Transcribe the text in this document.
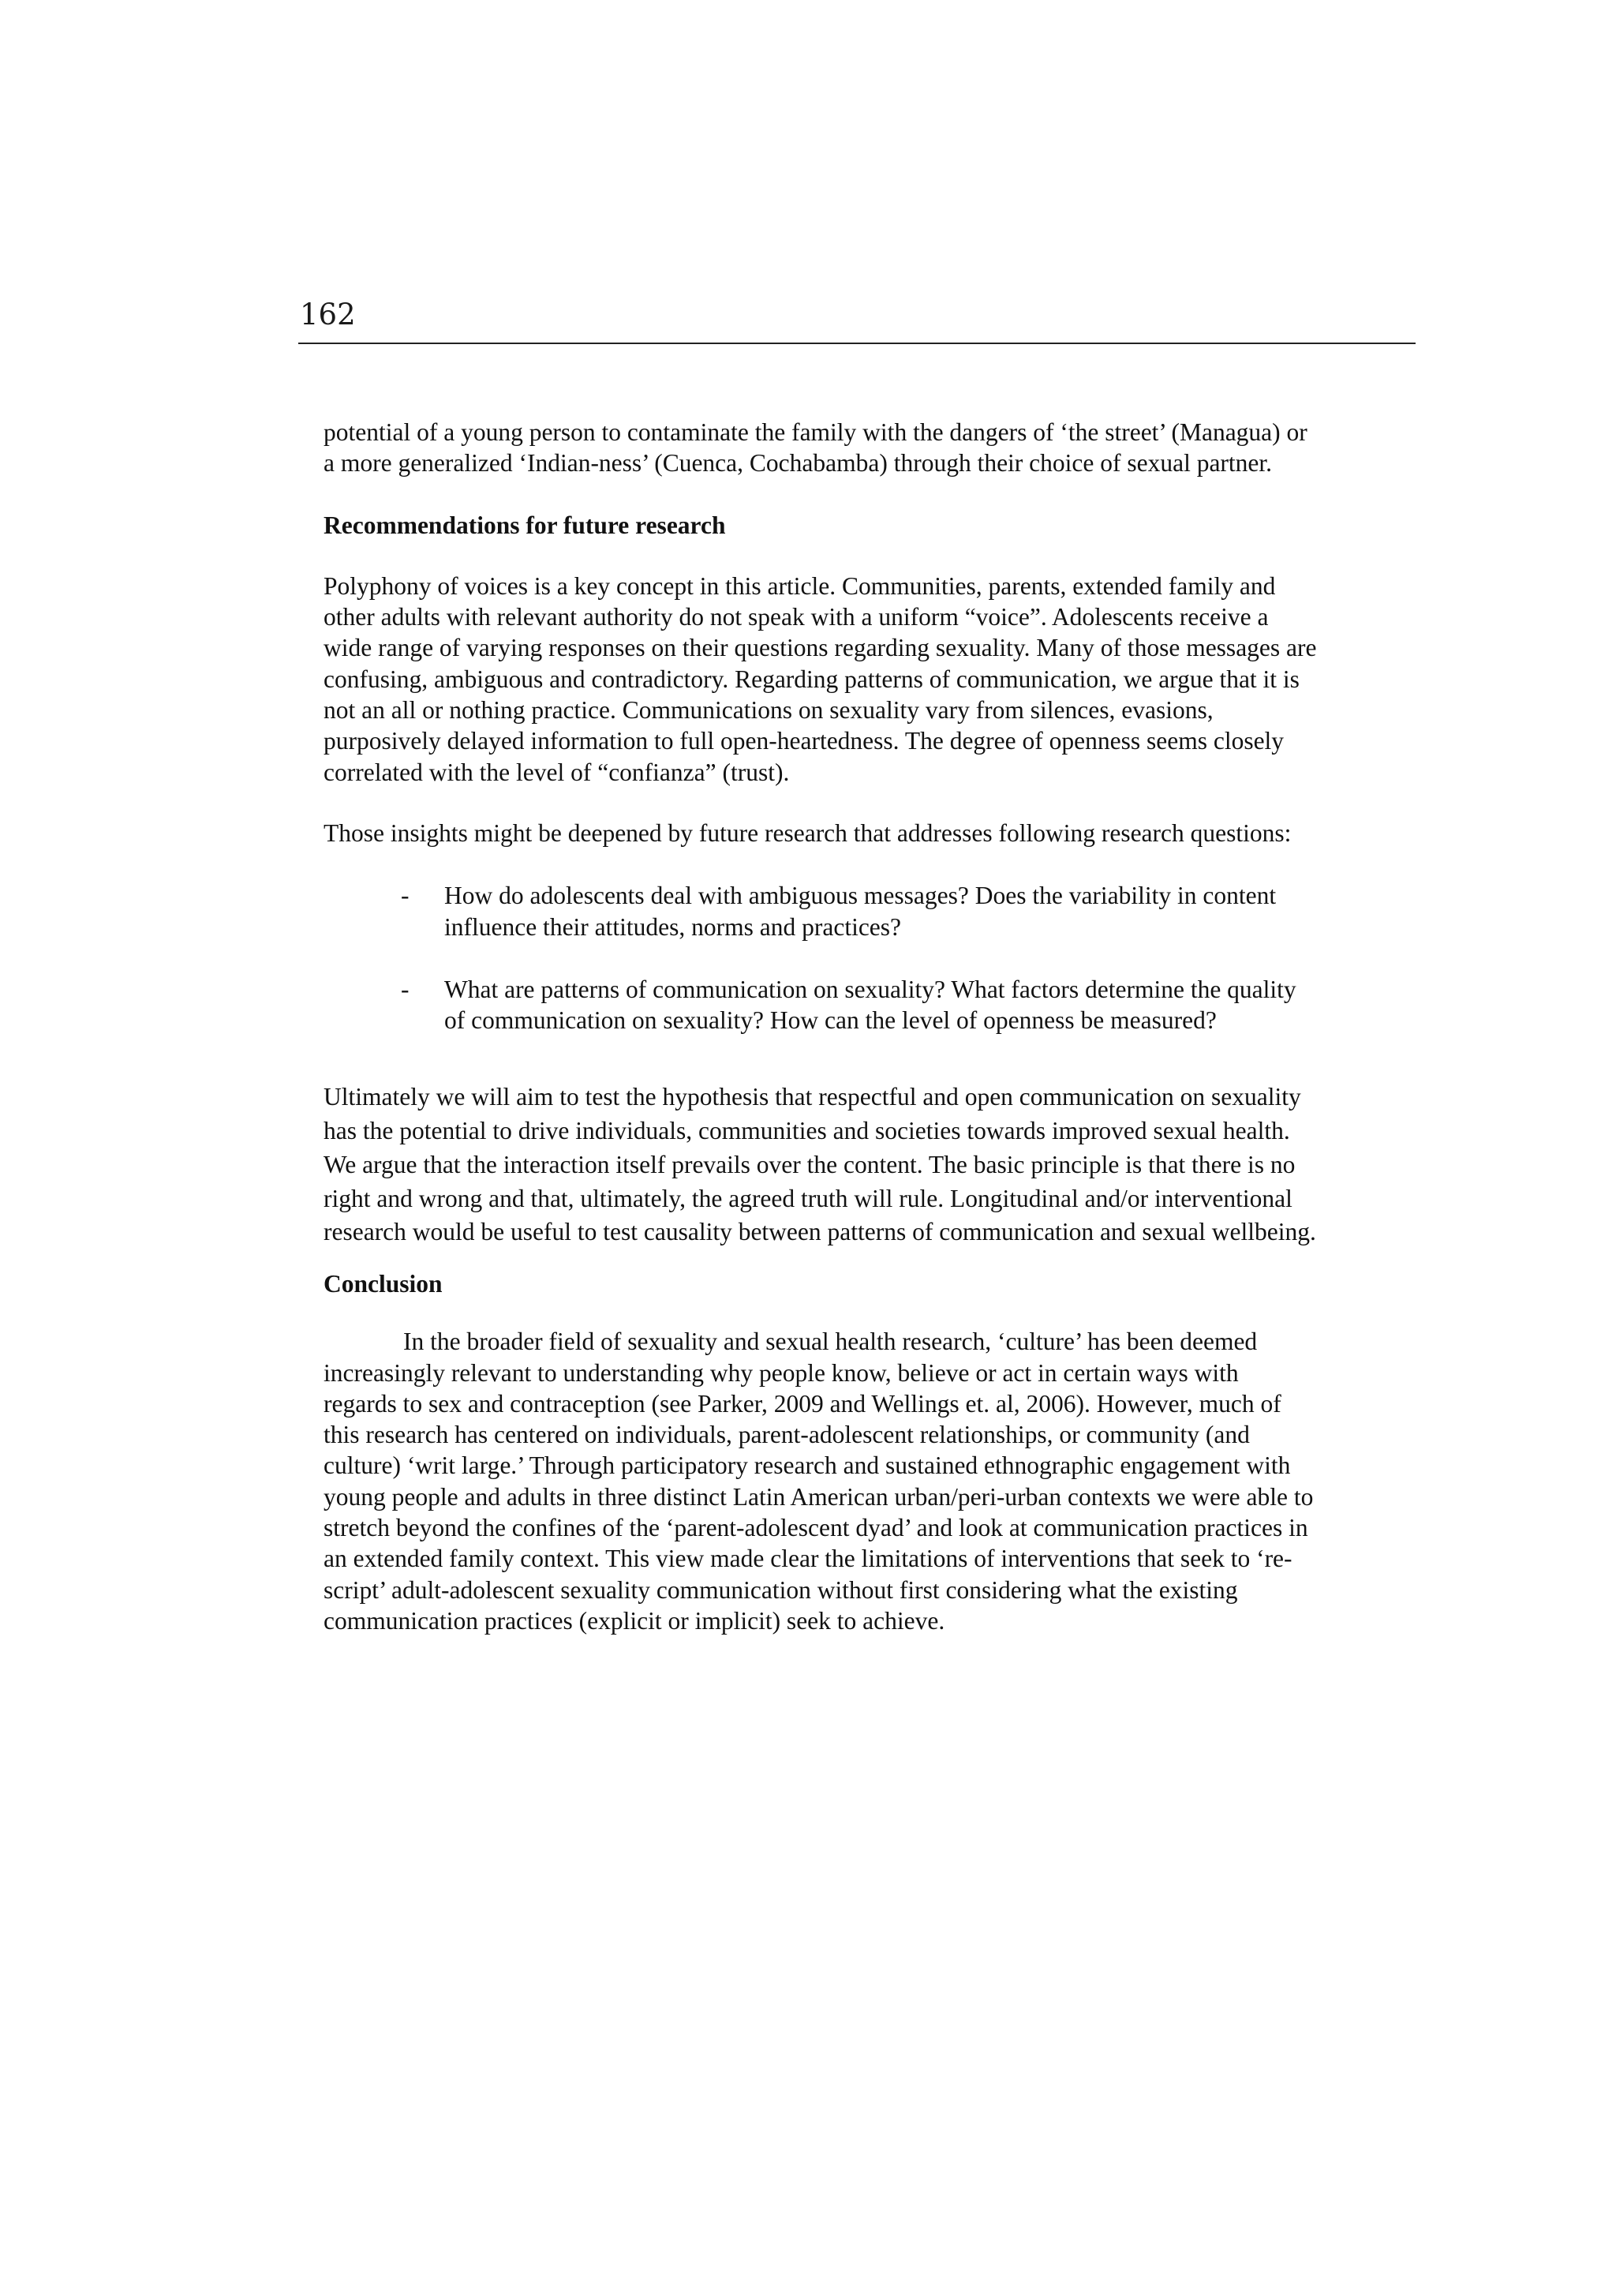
162

potential of a young person to contaminate the family with the dangers of ‘the street’ (Managua) or a more generalized ‘Indian-ness’ (Cuenca, Cochabamba) through their choice of sexual partner.

Recommendations for future research

Polyphony of voices is a key concept in this article. Communities, parents, extended family and other adults with relevant authority do not speak with a uniform “voice”. Adolescents receive a wide range of varying responses on their questions regarding sexuality. Many of those messages are confusing, ambiguous and contradictory. Regarding patterns of communication, we argue that it is not an all or nothing practice. Communications on sexuality vary from silences, evasions, purposively delayed information to full open-heartedness. The degree of openness seems closely correlated with the level of “confianza” (trust).

Those insights might be deepened by future research that addresses following research questions:

- How do adolescents deal with ambiguous messages? Does the variability in content influence their attitudes, norms and practices?
- What are patterns of communication on sexuality? What factors determine the quality of communication on sexuality? How can the level of openness be measured?

Ultimately we will aim to test the hypothesis that respectful and open communication on sexuality has the potential to drive individuals, communities and societies towards improved sexual health. We argue that the interaction itself prevails over the content. The basic principle is that there is no right and wrong and that, ultimately, the agreed truth will rule. Longitudinal and/or interventional research would be useful to test causality between patterns of communication and sexual wellbeing.

Conclusion

In the broader field of sexuality and sexual health research, ‘culture’ has been deemed increasingly relevant to understanding why people know, believe or act in certain ways with regards to sex and contraception (see Parker, 2009 and Wellings et. al, 2006). However, much of this research has centered on individuals, parent-adolescent relationships, or community (and culture) ‘writ large.’ Through participatory research and sustained ethnographic engagement with young people and adults in three distinct Latin American urban/peri-urban contexts we were able to stretch beyond the confines of the ‘parent-adolescent dyad’ and look at communication practices in an extended family context. This view made clear the limitations of interventions that seek to ‘re-script’ adult-adolescent sexuality communication without first considering what the existing communication practices (explicit or implicit) seek to achieve.
